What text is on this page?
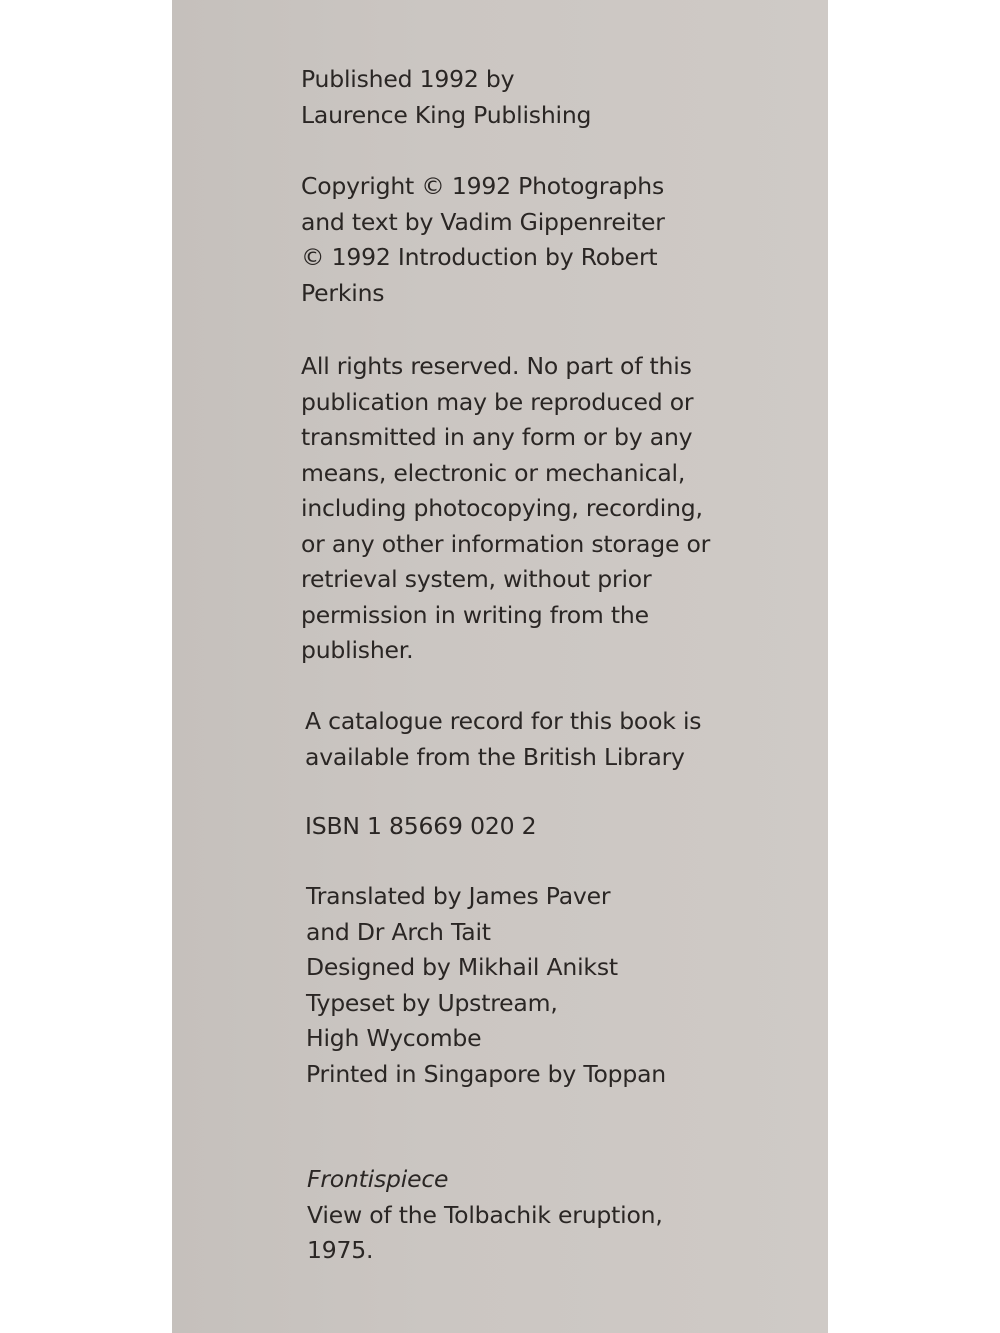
Published 1992 by
Laurence King Publishing
Copyright © 1992 Photographs
and text by Vadim Gippenreiter
© 1992 Introduction by Robert
Perkins
All rights reserved. No part of this
publication may be reproduced or
transmitted in any form or by any
means, electronic or mechanical,
including photocopying, recording,
or any other information storage or
retrieval system, without prior
permission in writing from the
publisher.
A catalogue record for this book is
available from the British Library
ISBN 1 85669 020 2
Translated by James Paver
and Dr Arch Tait
Designed by Mikhail Anikst
Typeset by Upstream,
High Wycombe
Printed in Singapore by Toppan
Frontispiece
View of the Tolbachik eruption,
1975.
